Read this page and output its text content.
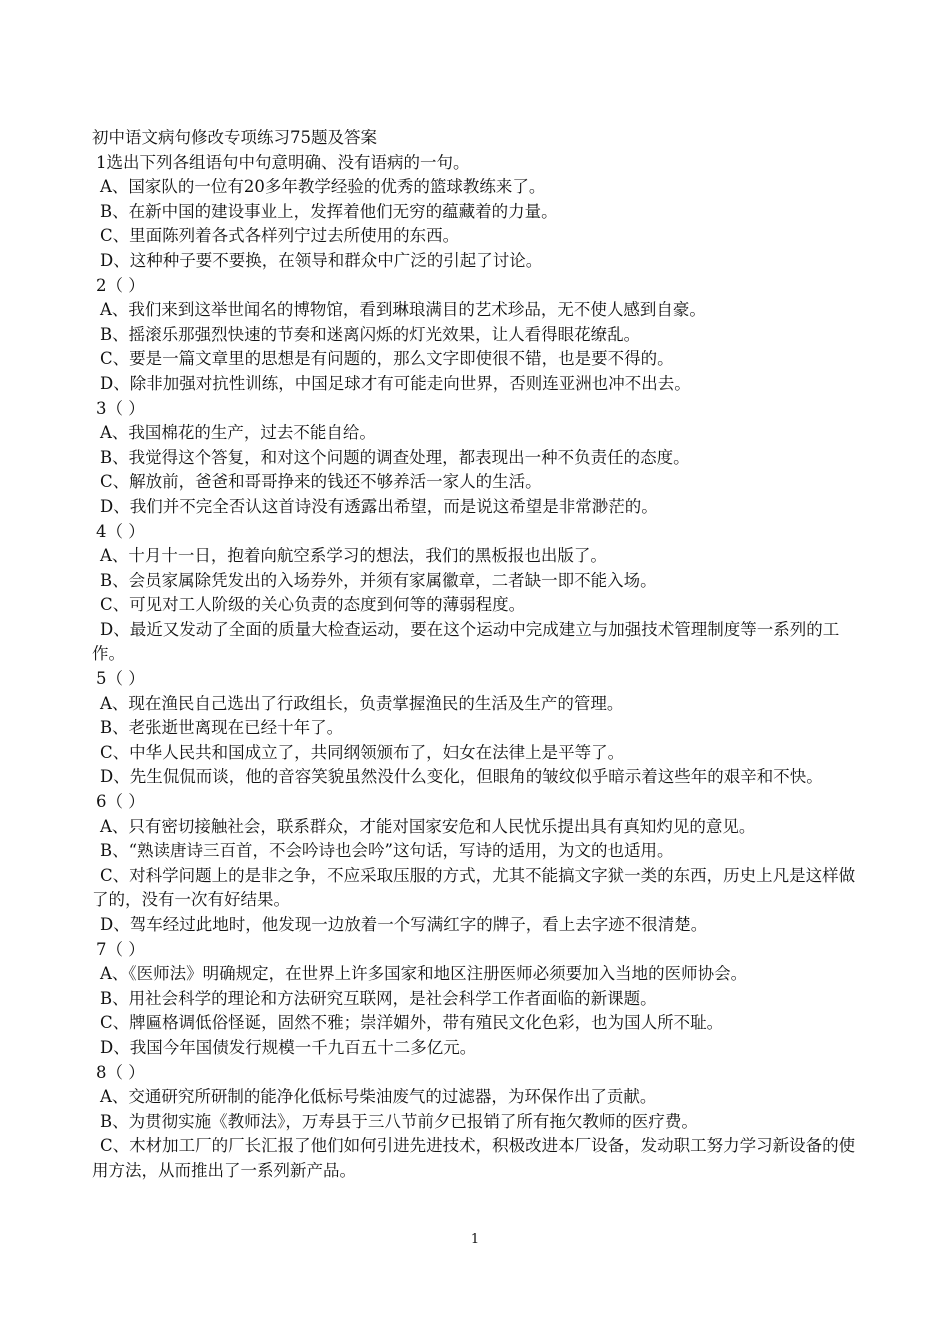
初中语文病句修改专项练习75题及答案
1选出下列各组语句中句意明确、没有语病的一句。
A、国家队的一位有20多年教学经验的优秀的篮球教练来了。
B、在新中国的建设事业上，发挥着他们无穷的蕴藏着的力量。
C、里面陈列着各式各样列宁过去所使用的东西。
D、这种种子要不要换，在领导和群众中广泛的引起了讨论。
2（ ）
A、我们来到这举世闻名的博物馆，看到琳琅满目的艺术珍品，无不使人感到自豪。
B、摇滚乐那强烈快速的节奏和迷离闪烁的灯光效果，让人看得眼花缭乱。
C、要是一篇文章里的思想是有问题的，那么文字即使很不错，也是要不得的。
D、除非加强对抗性训练，中国足球才有可能走向世界，否则连亚洲也冲不出去。
3（ ）
A、我国棉花的生产，过去不能自给。
B、我觉得这个答复，和对这个问题的调查处理，都表现出一种不负责任的态度。
C、解放前，爸爸和哥哥挣来的钱还不够养活一家人的生活。
D、我们并不完全否认这首诗没有透露出希望，而是说这希望是非常渺茫的。
4（ ）
A、十月十一日，抱着向航空系学习的想法，我们的黑板报也出版了。
B、会员家属除凭发出的入场券外，并须有家属徽章，二者缺一即不能入场。
C、可见对工人阶级的关心负责的态度到何等的薄弱程度。
D、最近又发动了全面的质量大检查运动，要在这个运动中完成建立与加强技术管理制度等一系列的工作。
5（ ）
A、现在渔民自己选出了行政组长，负责掌握渔民的生活及生产的管理。
B、老张逝世离现在已经十年了。
C、中华人民共和国成立了，共同纲领颁布了，妇女在法律上是平等了。
D、先生侃侃而谈，他的音容笑貌虽然没什么变化，但眼角的皱纹似乎暗示着这些年的艰辛和不快。
6（ ）
A、只有密切接触社会，联系群众，才能对国家安危和人民忧乐提出具有真知灼见的意见。
B、“熟读唐诗三百首，不会吟诗也会吟”这句话，写诗的适用，为文的也适用。
C、对科学问题上的是非之争，不应采取压服的方式，尤其不能搞文字狱一类的东西，历史上凡是这样做了的，没有一次有好结果。
D、驾车经过此地时，他发现一边放着一个写满红字的牌子，看上去字迹不很清楚。
7（ ）
A、《医师法》明确规定，在世界上许多国家和地区注册医师必须要加入当地的医师协会。
B、用社会科学的理论和方法研究互联网，是社会科学工作者面临的新课题。
C、牌匾格调低俗怪诞，固然不雅；崇洋媚外，带有殖民文化色彩，也为国人所不耻。
D、我国今年国债发行规模一千九百五十二多亿元。
8（ ）
A、交通研究所研制的能净化低标号柴油废气的过滤器，为环保作出了贡献。
B、为贯彻实施《教师法》，万寿县于三八节前夕已报销了所有拖欠教师的医疗费。
C、木材加工厂的厂长汇报了他们如何引进先进技术，积极改进本厂设备，发动职工努力学习新设备的使用方法，从而推出了一系列新产品。
1
